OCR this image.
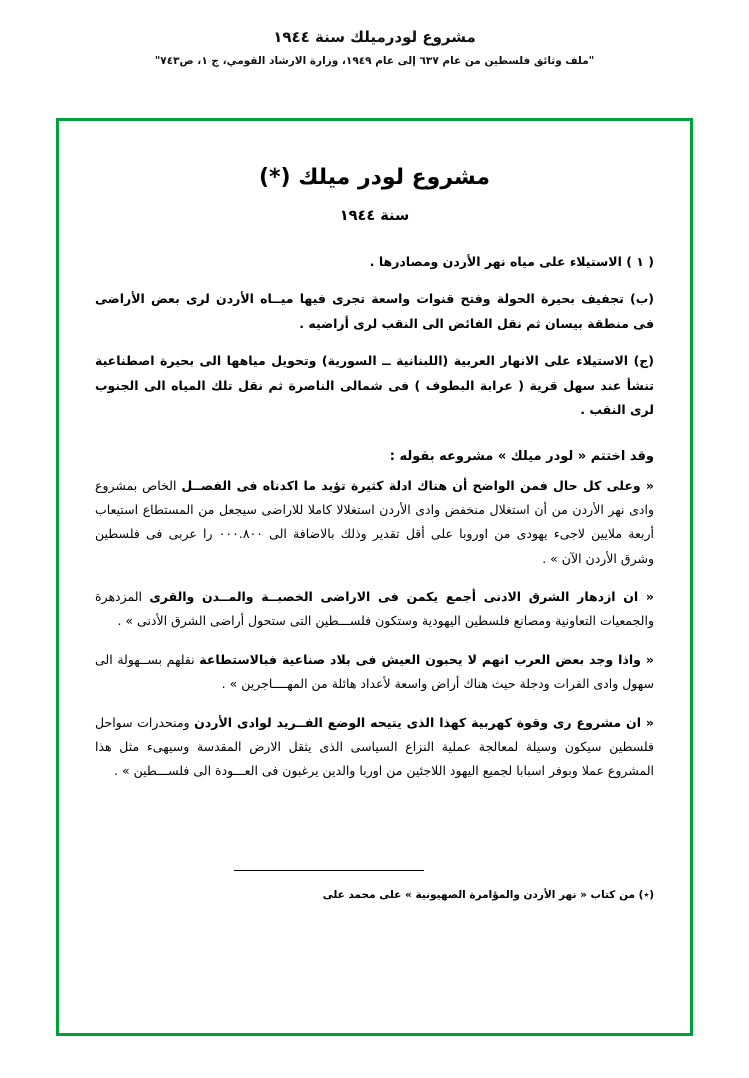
مشروع لودرميلك سنة ١٩٤٤
"ملف وثائق فلسطين من عام ٦٣٧ إلى عام ١٩٤٩، وزارة الارشاد القومي، ج ١، ص٧٤٣"
مشروع لودر ميلك (*)
سنة ١٩٤٤
( ١ ) الاستيلاء على مياه نهر الأردن ومصادرها .
(ب) تجفيف بحيرة الحولة وفتح قنوات واسعة تجرى فيها ميــاه الأردن لرى بعض الأراضى فى منطقة بيسان ثم نقل الفائض الى النقب لرى أراضيه .
(ج) الاستيلاء على الانهار العربية (اللبنانية ــ السورية) وتحويل مياهها الى بحيرة اصطناعية تنشأ عند سهل قرية ( عرابة البطوف ) فى شمالى الناصرة ثم نقل تلك المياه الى الجنوب لرى النقب .
وقد اختتم « لودر ميلك » مشروعه بقوله :
« وعلى كل حال فمن الواضح أن هناك ادلة كثيرة تؤيد ما اكدناه فى الفصــل الخاص بمشروع وادى نهر الأردن من أن استغلال منخفض وادى الأردن استغلالا كاملا للاراضى سيجعل من المستطاع استيعاب أربعة ملايين لاجىء يهودى من اوروبا على أقل تقدير وذلك بالاضافة الى ٠٠٠.٨٠٠ را عربى فى فلسطين وشرق الأردن الآن » .
« ان ازدهار الشرق الادنى أجمع يكمن فى الاراضى الخصبــة والمــدن والقرى المزدهرة والجمعيات التعاونية ومصانع فلسطين اليهودية وستكون فلســـطين التى ستحول أراضى الشرق الأدنى » .
« واذا وجد بعض العرب انهم لا يحبون العيش فى بلاد صناعية فبالاستطاعة نقلهم بســهولة الى سهول وادى الفرات ودجلة حيث هناك أراض واسعة لأعداد هائلة من المهــــاجرين » .
« ان مشروع رى وقوة كهربية كهذا الذى يتيحه الوضع الفــريد لوادى الأردن ومنحدرات سواحل فلسطين سيكون وسيلة لمعالجة عملية النزاع السياسى الذى يثقل الارض المقدسة وسيهىء مثل هذا المشروع عملا وبوفر اسبابا لجميع اليهود اللاجئين من اوربا والدين يرغبون فى العـــودة الى فلســـطين » .
(٭) من كتاب « نهر الأردن والمؤامرة الصهيونية » على محمد على
